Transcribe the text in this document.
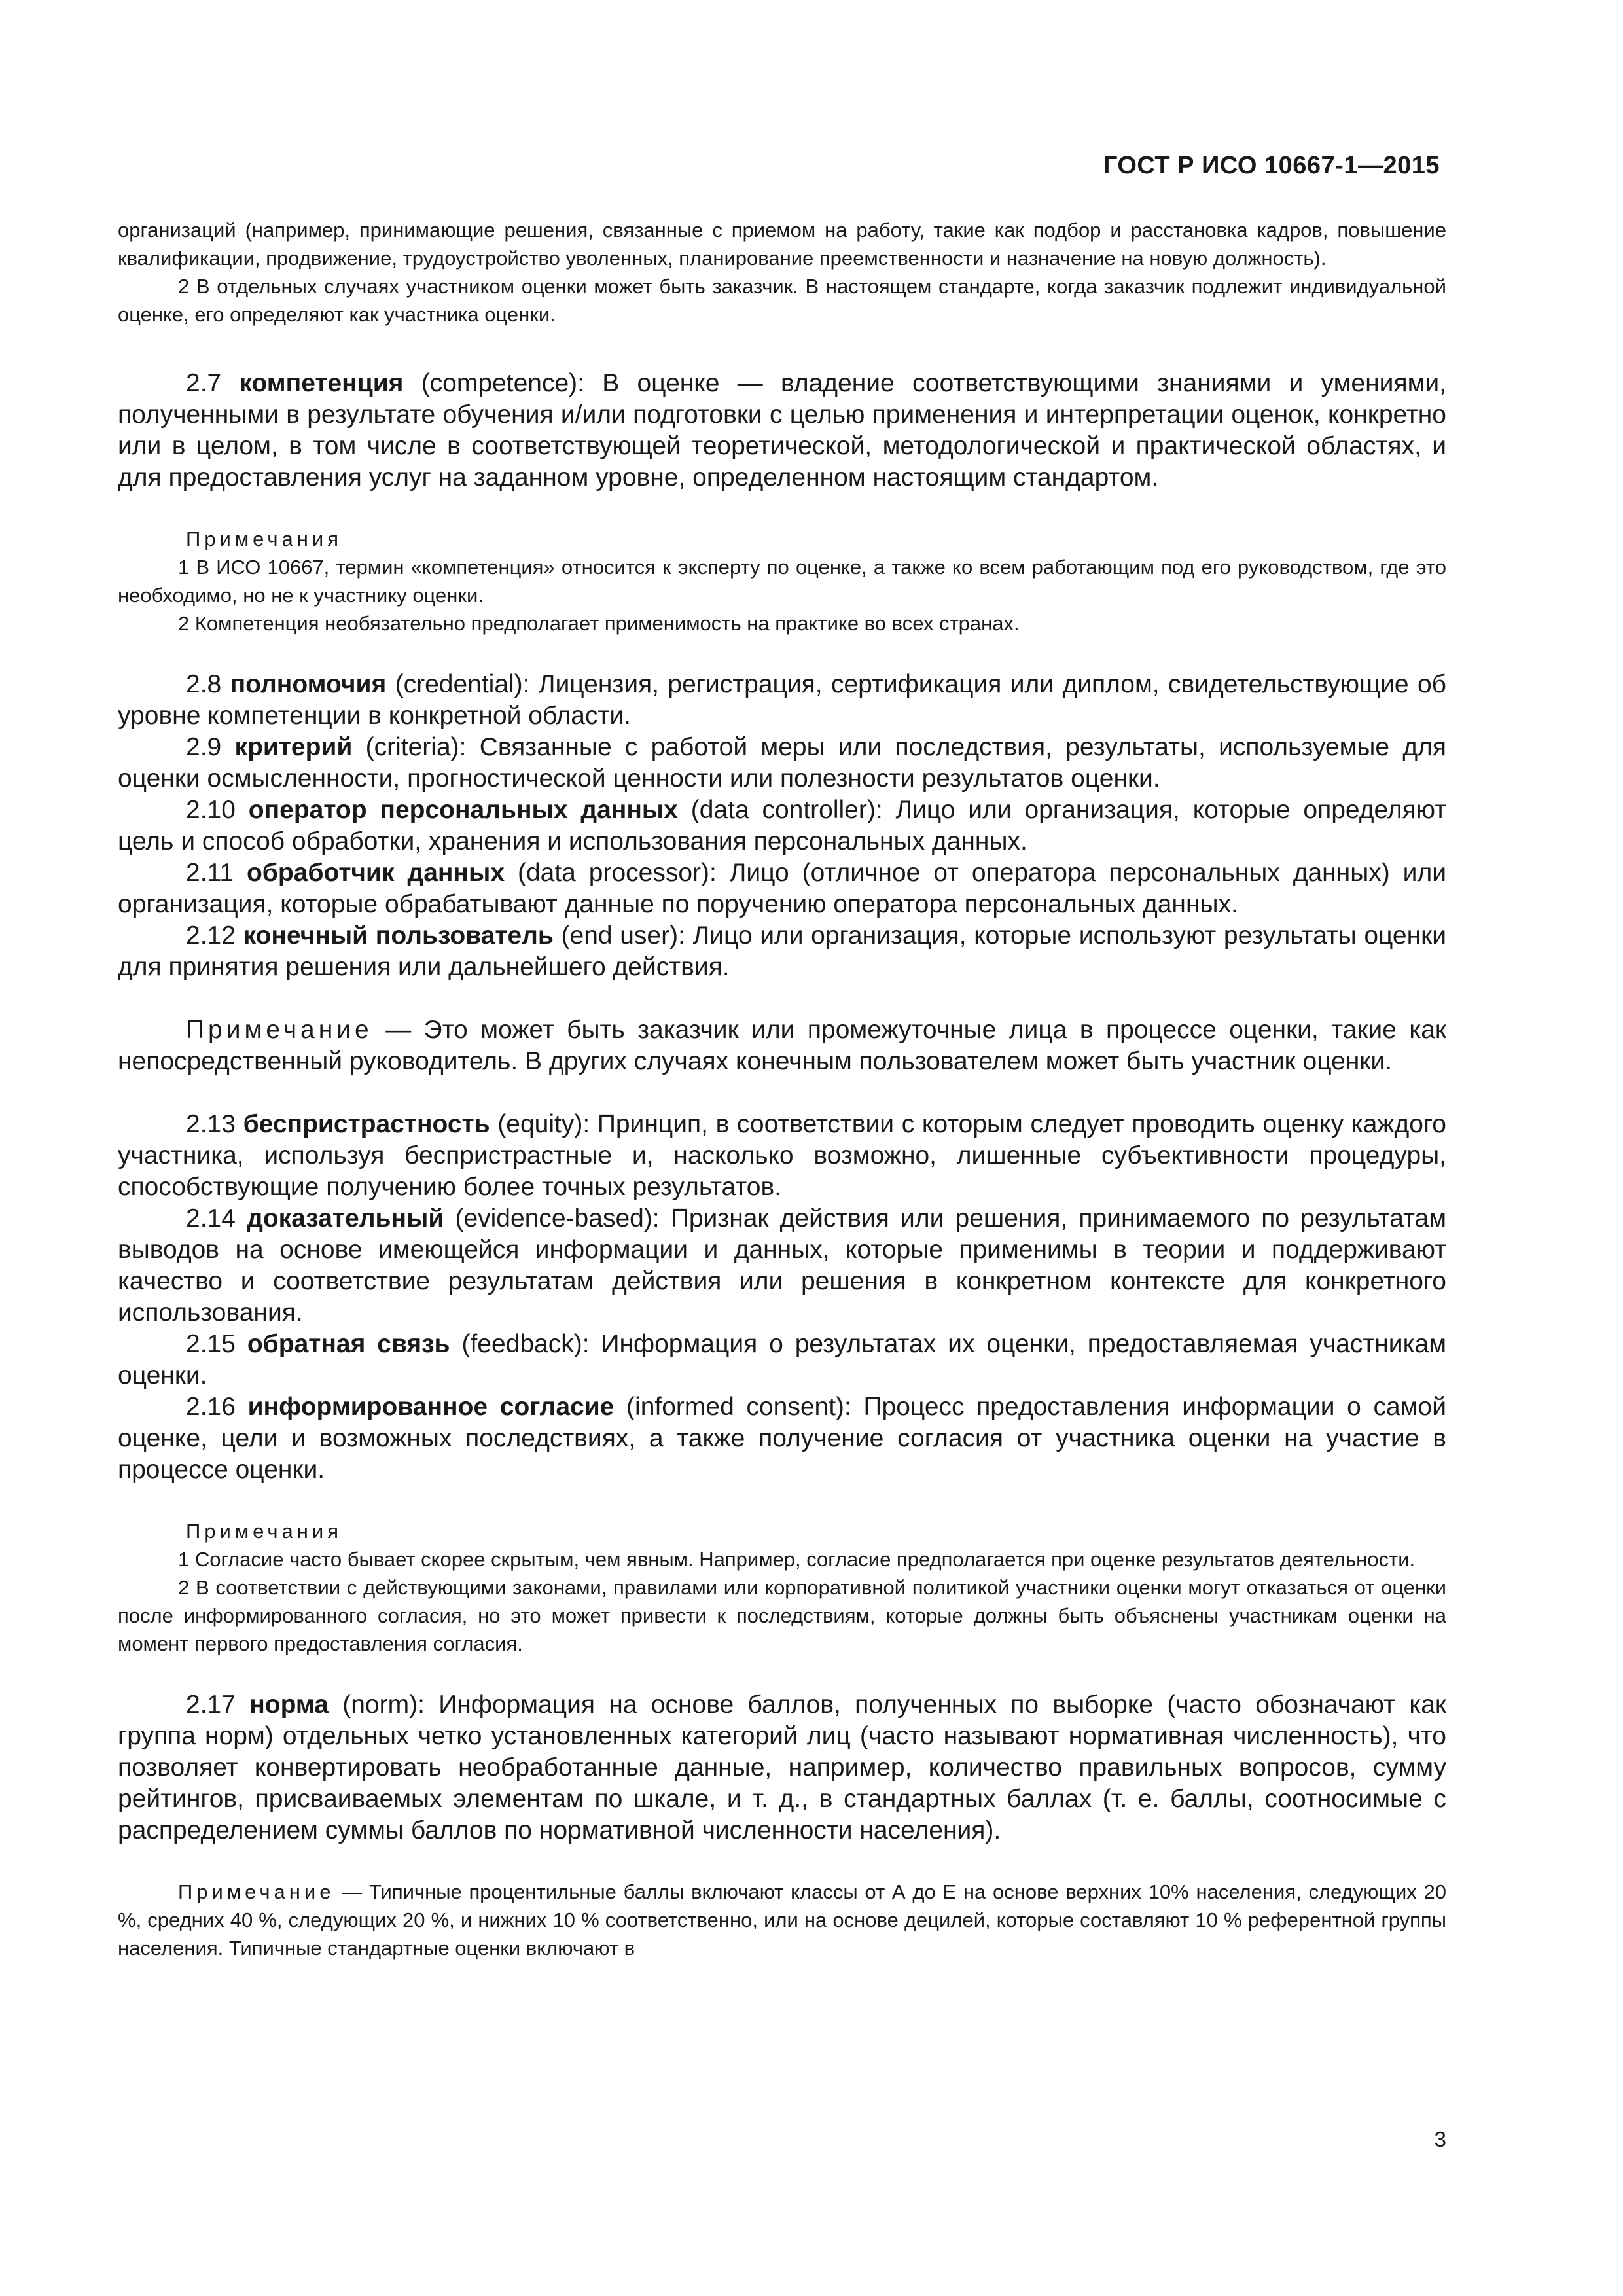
ГОСТ Р ИСО 10667-1—2015

организаций (например, принимающие решения, связанные с приемом на работу, такие как подбор и расстановка кадров, повышение квалификации, продвижение, трудоустройство уволенных, планирование преемственности и назначение на новую должность).

2 В отдельных случаях участником оценки может быть заказчик. В настоящем стандарте, когда заказчик подлежит индивидуальной оценке, его определяют как участника оценки.

2.7 компетенция (competence): В оценке — владение соответствующими знаниями и умениями, полученными в результате обучения и/или подготовки с целью применения и интерпретации оценок, конкретно или в целом, в том числе в соответствующей теоретической, методологической и практической областях, и для предоставления услуг на заданном уровне, определенном настоящим стандартом.

Примечания

1 В ИСО 10667, термин «компетенция» относится к эксперту по оценке, а также ко всем работающим под его руководством, где это необходимо, но не к участнику оценки.

2 Компетенция необязательно предполагает применимость на практике во всех странах.

2.8 полномочия (credential): Лицензия, регистрация, сертификация или диплом, свидетельствующие об уровне компетенции в конкретной области.

2.9 критерий (criteria): Связанные с работой меры или последствия, результаты, используемые для оценки осмысленности, прогностической ценности или полезности результатов оценки.

2.10 оператор персональных данных (data controller): Лицо или организация, которые определяют цель и способ обработки, хранения и использования персональных данных.

2.11 обработчик данных (data processor): Лицо (отличное от оператора персональных данных) или организация, которые обрабатывают данные по поручению оператора персональных данных.

2.12 конечный пользователь (end user): Лицо или организация, которые используют результаты оценки для принятия решения или дальнейшего действия.

Примечание — Это может быть заказчик или промежуточные лица в процессе оценки, такие как непосредственный руководитель. В других случаях конечным пользователем может быть участник оценки.

2.13 беспристрастность (equity): Принцип, в соответствии с которым следует проводить оценку каждого участника, используя беспристрастные и, насколько возможно, лишенные субъективности процедуры, способствующие получению более точных результатов.

2.14 доказательный (evidence-based): Признак действия или решения, принимаемого по результатам выводов на основе имеющейся информации и данных, которые применимы в теории и поддерживают качество и соответствие результатам действия или решения в конкретном контексте для конкретного использования.

2.15 обратная связь (feedback): Информация о результатах их оценки, предоставляемая участникам оценки.

2.16 информированное согласие (informed consent): Процесс предоставления информации о самой оценке, цели и возможных последствиях, а также получение согласия от участника оценки на участие в процессе оценки.

Примечания

1 Согласие часто бывает скорее скрытым, чем явным. Например, согласие предполагается при оценке результатов деятельности.

2 В соответствии с действующими законами, правилами или корпоративной политикой участники оценки могут отказаться от оценки после информированного согласия, но это может привести к последствиям, которые должны быть объяснены участникам оценки на момент первого предоставления согласия.

2.17 норма (norm): Информация на основе баллов, полученных по выборке (часто обозначают как группа норм) отдельных четко установленных категорий лиц (часто называют нормативная численность), что позволяет конвертировать необработанные данные, например, количество правильных вопросов, сумму рейтингов, присваиваемых элементам по шкале, и т. д., в стандартных баллах (т. е. баллы, соотносимые с распределением суммы баллов по нормативной численности населения).

Примечание — Типичные процентильные баллы включают классы от А до Е на основе верхних 10% населения, следующих 20 %, средних 40 %, следующих 20 %, и нижних 10 % соответственно, или на основе децилей, которые составляют 10 % референтной группы населения. Типичные стандартные оценки включают в

3
